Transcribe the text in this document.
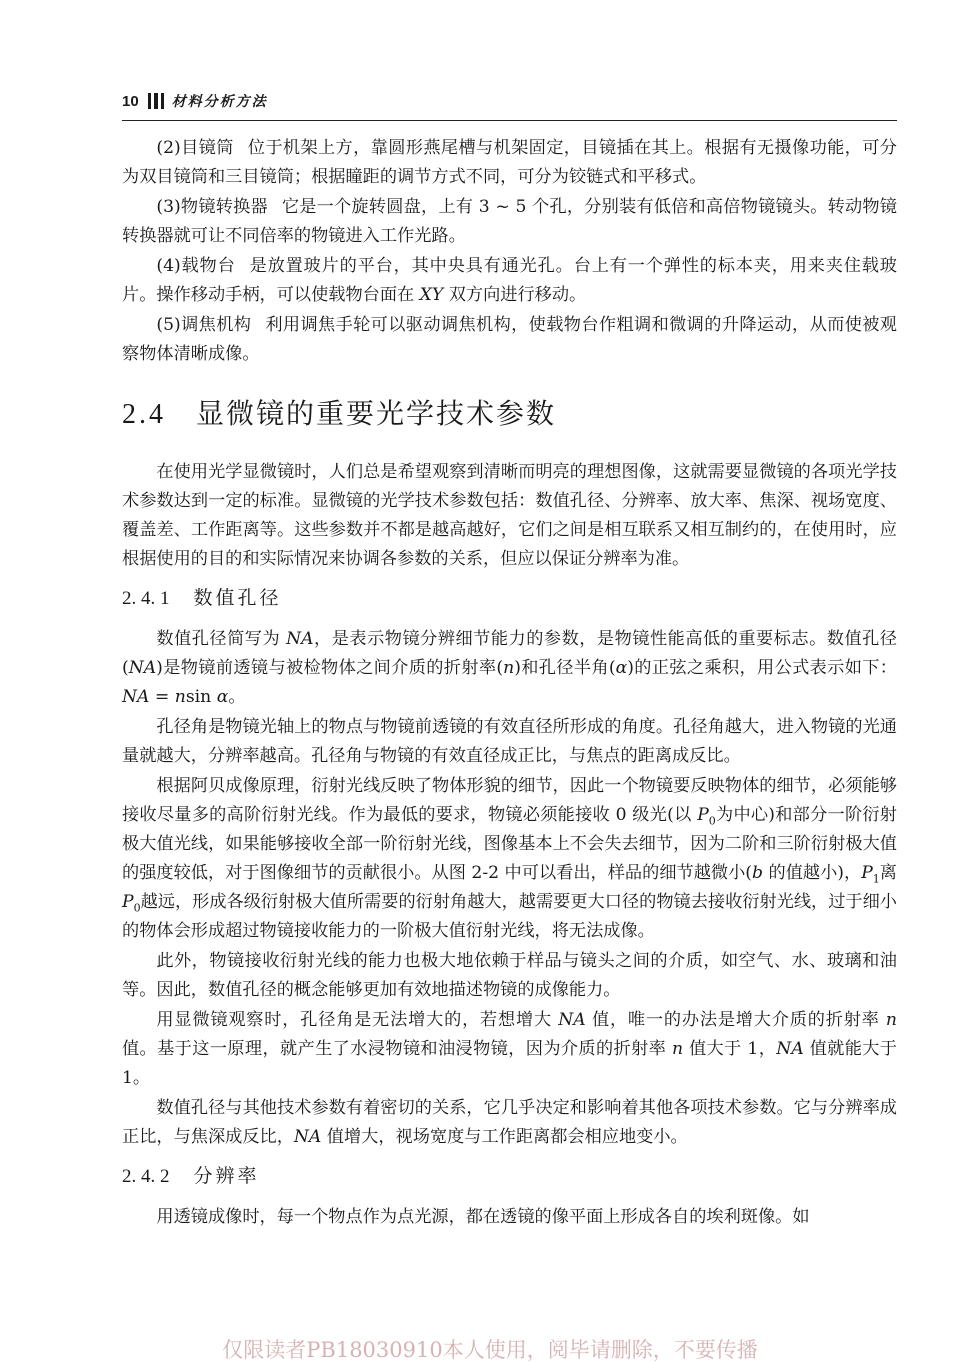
10 材料分析方法

(2)目镜筒 位于机架上方，靠圆形燕尾槽与机架固定，目镜插在其上。根据有无摄像功能，可分为双目镜筒和三目镜筒；根据瞳距的调节方式不同，可分为铰链式和平移式。

(3)物镜转换器 它是一个旋转圆盘，上有 3 ~ 5 个孔，分别装有低倍和高倍物镜镜头。转动物镜转换器就可让不同倍率的物镜进入工作光路。

(4)载物台 是放置玻片的平台，其中央具有通光孔。台上有一个弹性的标本夹，用来夹住载玻片。操作移动手柄，可以使载物台面在 XY 双方向进行移动。

(5)调焦机构 利用调焦手轮可以驱动调焦机构，使载物台作粗调和微调的升降运动，从而使被观察物体清晰成像。

2.4 显微镜的重要光学技术参数

在使用光学显微镜时，人们总是希望观察到清晰而明亮的理想图像，这就需要显微镜的各项光学技术参数达到一定的标准。显微镜的光学技术参数包括：数值孔径、分辨率、放大率、焦深、视场宽度、覆盖差、工作距离等。这些参数并不都是越高越好，它们之间是相互联系又相互制约的，在使用时，应根据使用的目的和实际情况来协调各参数的关系，但应以保证分辨率为准。

2. 4. 1 数值孔径

数值孔径简写为 NA，是表示物镜分辨细节能力的参数，是物镜性能高低的重要标志。数值孔径(NA)是物镜前透镜与被检物体之间介质的折射率(n)和孔径半角(α)的正弦之乘积，用公式表示如下：NA = nsin α。

孔径角是物镜光轴上的物点与物镜前透镜的有效直径所形成的角度。孔径角越大，进入物镜的光通量就越大，分辨率越高。孔径角与物镜的有效直径成正比，与焦点的距离成反比。

根据阿贝成像原理，衍射光线反映了物体形貌的细节，因此一个物镜要反映物体的细节，必须能够接收尽量多的高阶衍射光线。作为最低的要求，物镜必须能接收 0 级光(以 $P_0$为中心)和部分一阶衍射极大值光线，如果能够接收全部一阶衍射光线，图像基本上不会失去细节，因为二阶和三阶衍射极大值的强度较低，对于图像细节的贡献很小。从图 2-2 中可以看出，样品的细节越微小(b 的值越小)，$P_1$离 $P_0$越远，形成各级衍射极大值所需要的衍射角越大，越需要更大口径的物镜去接收衍射光线，过于细小的物体会形成超过物镜接收能力的一阶极大值衍射光线，将无法成像。

此外，物镜接收衍射光线的能力也极大地依赖于样品与镜头之间的介质，如空气、水、玻璃和油等。因此，数值孔径的概念能够更加有效地描述物镜的成像能力。

用显微镜观察时，孔径角是无法增大的，若想增大 NA 值，唯一的办法是增大介质的折射率 n 值。基于这一原理，就产生了水浸物镜和油浸物镜，因为介质的折射率 n 值大于 1，NA 值就能大于 1。

数值孔径与其他技术参数有着密切的关系，它几乎决定和影响着其他各项技术参数。它与分辨率成正比，与焦深成反比，NA 值增大，视场宽度与工作距离都会相应地变小。

2. 4. 2 分辨率

用透镜成像时，每一个物点作为点光源，都在透镜的像平面上形成各自的埃利斑像。如

仅限读者PB18030910本人使用，阅毕请删除，不要传播
